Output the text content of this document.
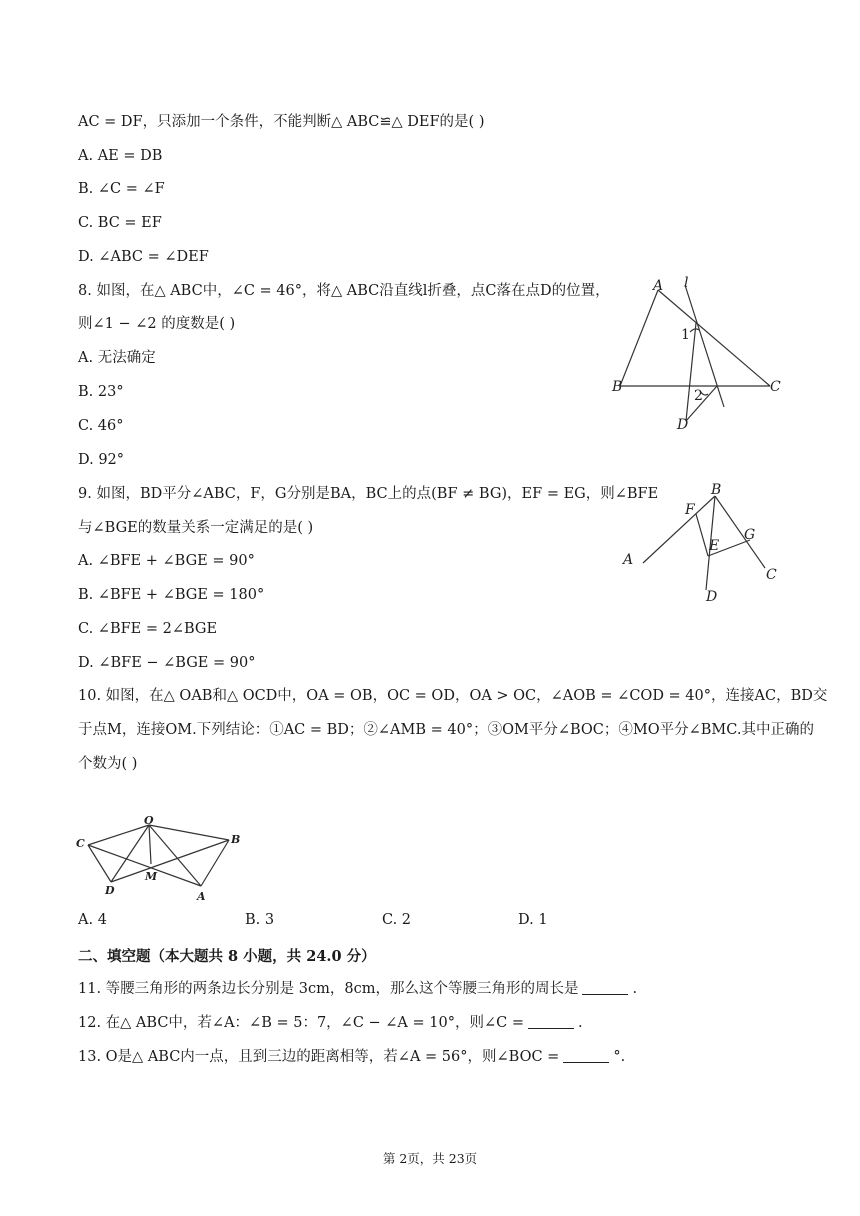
AC = DF，只添加一个条件，不能判断△ ABC≌△ DEF的是( )
A. AE = DB
B. ∠C = ∠F
C. BC = EF
D. ∠ABC = ∠DEF
8. 如图，在△ ABC中，∠C = 46°，将△ ABC沿直线l折叠，点C落在点D的位置，
则∠1 − ∠2 的度数是( )
A. 无法确定
B. 23°
C. 46°
D. 92°
A l
1
B	C
2
D
9. 如图，BD平分∠ABC，F，G分别是BA，BC上的点(BF ≠ BG)，EF = EG，则∠BFE
与∠BGE的数量关系一定满足的是( )
A. ∠BFE + ∠BGE = 90°
B. ∠BFE + ∠BGE = 180°
C. ∠BFE = 2∠BGE
D. ∠BFE − ∠BGE = 90°
B
F
G
E
A
C
D
10. 如图，在△ OAB和△ OCD中，OA = OB，OC = OD，OA > OC，∠AOB = ∠COD = 40°，连接AC，BD交
于点M，连接OM.下列结论：①AC = BD；②∠AMB = 40°；③OM平分∠BOC；④MO平分∠BMC.其中正确的
个数为( )
O
B
C
M
D	A
A. 4	B. 3	C. 2	D. 1
二、填空题（本大题共 8 小题，共 24.0 分）
11. 等腰三角形的两条边长分别是 3cm，8cm，那么这个等腰三角形的周长是	.
12. 在△ ABC中，若∠A：∠B = 5：7，∠C − ∠A = 10°，则∠C =	.
13. O是△ ABC内一点，且到三边的距离相等，若∠A = 56°，则∠BOC =	°.
第 2页，共 23页
